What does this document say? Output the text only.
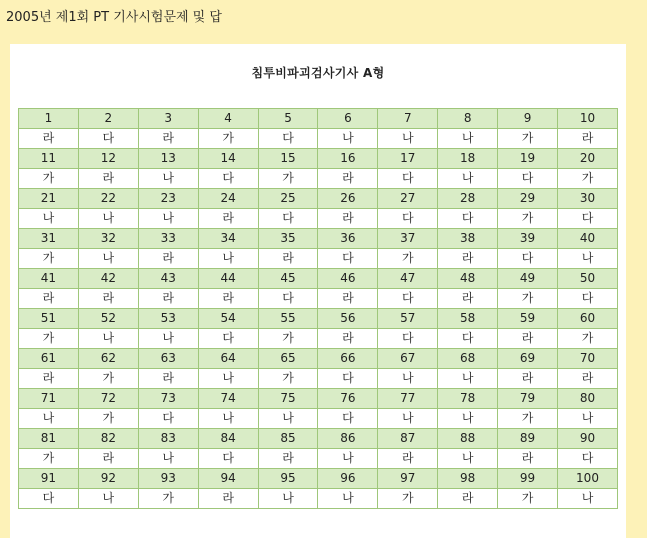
2005년 제1회 PT 기사시험문제 및 답
침투비파괴검사기사 A형
1	2	3	4	5	6	7	8	9	10
라	다	라	가	다	나	나	나	가	라
11	12	13	14	15	16	17	18	19	20
가	라	나	다	가	라	다	나	다	가
21	22	23	24	25	26	27	28	29	30
나	나	나	라	다	라	다	다	가	다
31	32	33	34	35	36	37	38	39	40
가	나	라	나	라	다	가	라	다	나
41	42	43	44	45	46	47	48	49	50
라	라	라	라	다	라	다	라	가	다
51	52	53	54	55	56	57	58	59	60
가	나	나	다	가	라	다	다	라	가
61	62	63	64	65	66	67	68	69	70
라	가	라	나	가	다	나	나	라	라
71	72	73	74	75	76	77	78	79	80
나	가	다	나	나	다	나	나	가	나
81	82	83	84	85	86	87	88	89	90
가	라	나	다	라	나	라	나	라	다
91	92	93	94	95	96	97	98	99	100
다	나	가	라	나	나	가	라	가	나
